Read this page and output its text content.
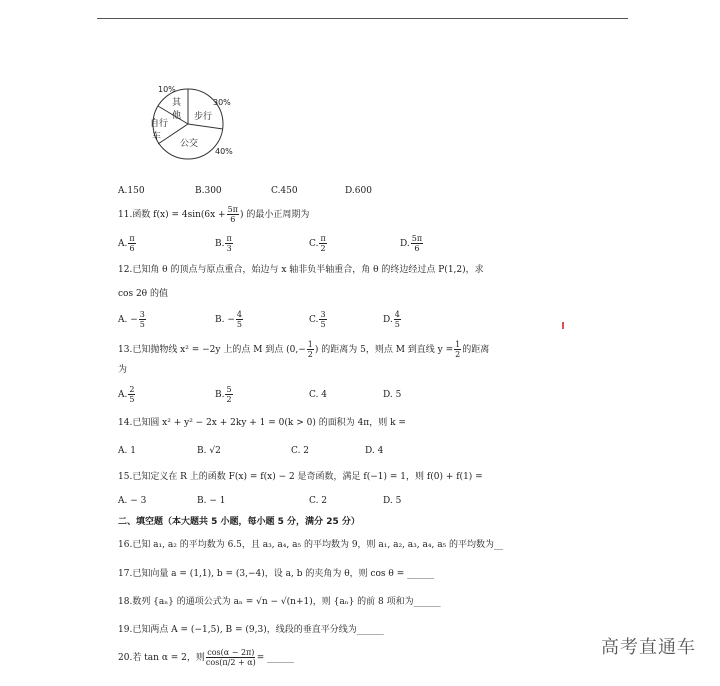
10%
30%
40%
其
他 步行
自行
车
公交
A.150	B.300	C.450	D.600
11.函数 $f(x) = 4\sin(6x + \frac{5\pi}{6}$ ) 的最小正周期为
A. $\frac{\pi}{6}$	B. $\frac{\pi}{3}$	C. $\frac{\pi}{2}$	D. $\frac{5\pi}{6}$
12.已知角 θ 的顶点与原点重合，始边与 x 轴非负半轴重合，角 θ 的终边经过点 P(1,2)，求
cos 2θ 的值
A. − $\frac{3}{5}$	B. − $\frac{4}{5}$	C. $\frac{3}{5}$	D. $\frac{4}{5}$
13.已知抛物线 x² = −2y 上的点 M 到点 ($0,- \frac{1}{2}$ ) 的距离为 5，则点 M 到直线 $y = \frac{1}{2}$ 的距离
为
A. $\frac{2}{5}$	B. $\frac{5}{2}$	C. 4	D. 5
14.已知圆 x² + y² − 2x + 2ky + 1 = 0(k > 0) 的面积为 4π，则 k =
A. 1	B. √2	C. 2	D. 4
15.已知定义在 R 上的函数 F(x) = f(x) − 2 是奇函数，满足 f(−1) = 1，则 f(0) + f(1) =
A. − 3	B. − 1	C. 2	D. 5
二、填空题（本大题共 5 小题，每小题 5 分，满分 25 分）
16.已知 a₁, a₂ 的平均数为 6.5，且 a₃, a₄, a₅ 的平均数为 9，则 a₁, a₂, a₃, a₄, a₅ 的平均数为__
17.已知向量 a = (1,1), b = (3,−4)，设 a, b 的夹角为 θ，则 cos θ = ______
18.数列 {aₙ} 的通项公式为 aₙ = √n − √(n+1)，则 {aₙ} 的前 8 项和为______
19.已知两点 A = (−1,5), B = (9,3)，线段的垂直平分线为______
20.若 tan α = 2，则 $\frac{\cos(\alpha - 2\pi)}{\cos(\pi/2 + \alpha)}$ = ______	高考直通车
